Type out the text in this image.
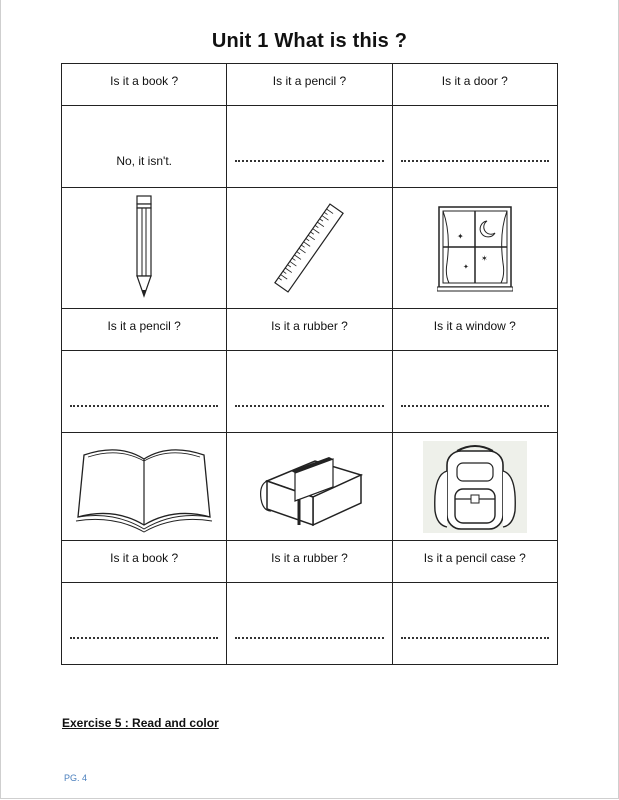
Unit 1 What is this ?
Is it a book ?	Is it a pencil ?	Is it a door ?

No, it isn't.		

✦
✶
✦

Is it a pencil ?	Is it a rubber ?	Is it a window ?

Is it a book ?	Is it a rubber ?	Is it a pencil case ?

Exercise 5 : Read and color
PG. 4
